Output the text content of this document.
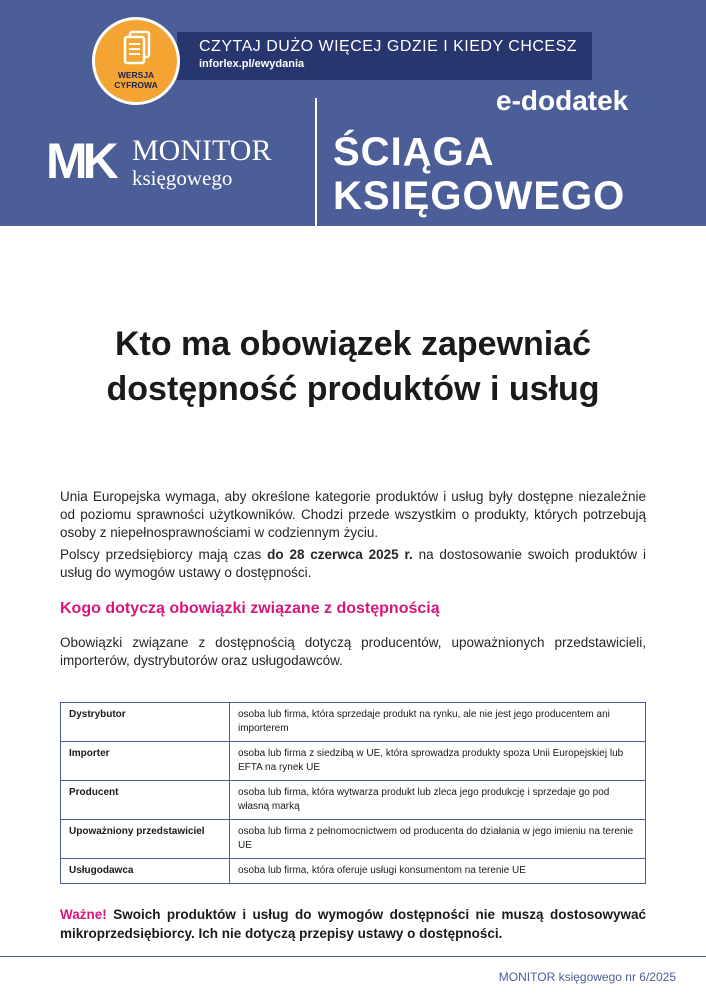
CZYTAJ DUŻO WIĘCEJ GDZIE I KIEDY CHCESZ
inforlex.pl/ewydania
WERSJA
CYFROWA	e-dodatek
MK MONITOR
księgowego
ŚCIĄGA
KSIĘGOWEGO
Kto ma obowiązek zapewniać
dostępność produktów i usług
Unia Europejska wymaga, aby określone kategorie produktów i usług były dostępne niezależnie od poziomu sprawności użytkowników. Chodzi przede wszystkim o produkty, których potrzebują osoby z niepełnosprawnościami w codziennym życiu.
Polscy przedsiębiorcy mają czas do 28 czerwca 2025 r. na dostosowanie swoich produktów i usług do wymogów ustawy o dostępności.
Kogo dotyczą obowiązki związane z dostępnością
Obowiązki związane z dostępnością dotyczą producentów, upoważnionych przedstawicieli, importerów, dystrybutorów oraz usługodawców.
Dystrybutor	osoba lub firma, która sprzedaje produkt na rynku, ale nie jest jego producentem ani importerem
Importer	osoba lub firma z siedzibą w UE, która sprowadza produkty spoza Unii Europejskiej lub EFTA na rynek UE
Producent	osoba lub firma, która wytwarza produkt lub zleca jego produkcję i sprzedaje go pod własną marką
Upoważniony przedstawiciel	osoba lub firma z pełnomocnictwem od producenta do działania w jego imieniu na terenie UE
Usługodawca	osoba lub firma, która oferuje usługi konsumentom na terenie UE
Ważne! Swoich produktów i usług do wymogów dostępności nie muszą dostosowywać mikroprzedsiębiorcy. Ich nie dotyczą przepisy ustawy o dostępności.
MONITOR księgowego nr 6/2025
